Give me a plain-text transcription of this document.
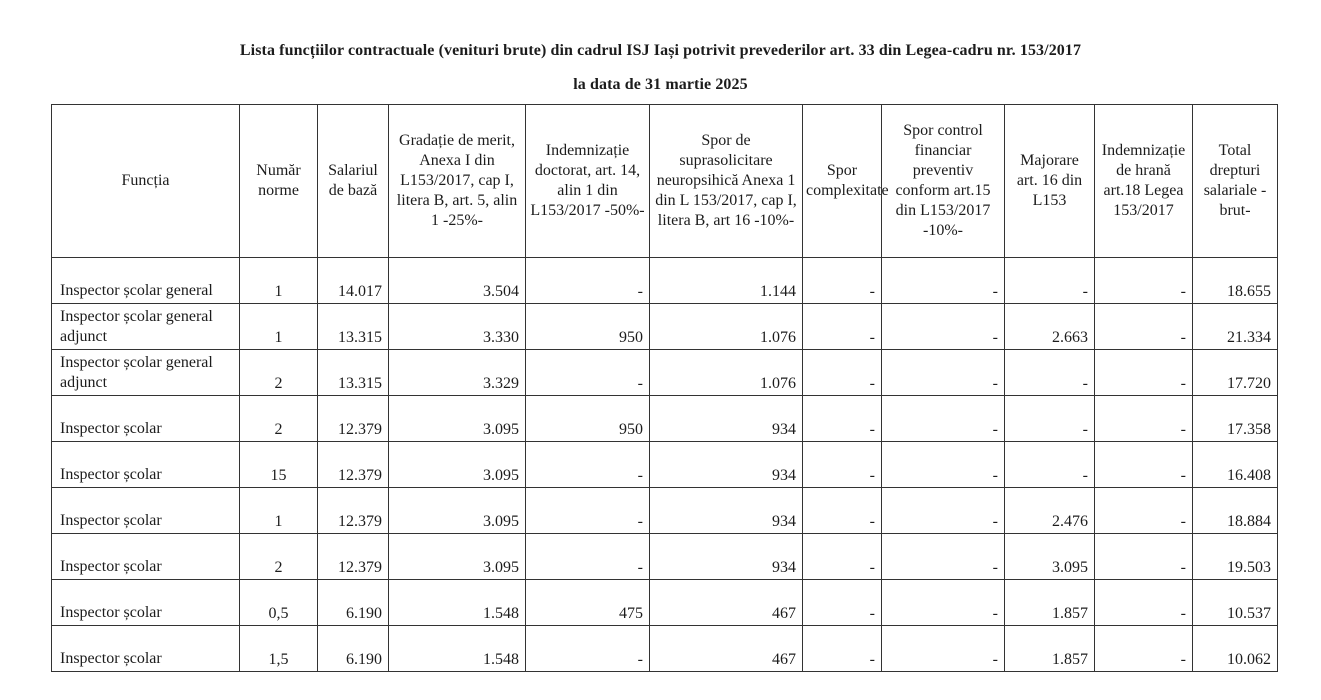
Lista funcțiilor contractuale (venituri brute) din cadrul ISJ Iași potrivit prevederilor art. 33 din Legea-cadru nr. 153/2017
la data de 31 martie 2025
Funcția	Număr norme	Salariul de bază	Gradație de merit, Anexa I din L153/2017, cap I, litera B, art. 5, alin 1 -25%-	Indemnizație doctorat, art. 14, alin 1 din L153/2017 -50%-	Spor de suprasolicitare neuropsihică Anexa 1 din L 153/2017, cap I, litera B, art 16 -10%-	Spor complexitate	Spor control financiar preventiv conform art.15 din L153/2017 -10%-	Majorare art. 16 din L153	Indemnizație de hrană art.18 Legea 153/2017	Total drepturi salariale -brut-
Inspector școlar general	1	14.017	3.504	-	1.144	-	-	-	-	18.655
Inspector școlar general adjunct	1	13.315	3.330	950	1.076	-	-	2.663	-	21.334
Inspector școlar general adjunct	2	13.315	3.329	-	1.076	-	-	-	-	17.720
Inspector școlar	2	12.379	3.095	950	934	-	-	-	-	17.358
Inspector școlar	15	12.379	3.095	-	934	-	-	-	-	16.408
Inspector școlar	1	12.379	3.095	-	934	-	-	2.476	-	18.884
Inspector școlar	2	12.379	3.095	-	934	-	-	3.095	-	19.503
Inspector școlar	0,5	6.190	1.548	475	467	-	-	1.857	-	10.537
Inspector școlar	1,5	6.190	1.548	-	467	-	-	1.857	-	10.062
